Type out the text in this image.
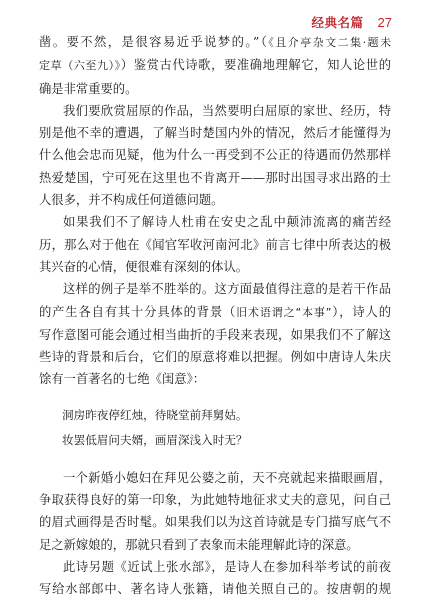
经典名篇 27

凿。要不然，是很容易近乎说梦的。”（《且介亭杂文二集·题未
定草（六至九）》）鉴赏古代诗歌，要准确地理解它，知人论世的
确是非常重要的。

我们要欣赏屈原的作品，当然要明白屈原的家世、经历，特
别是他不幸的遭遇，了解当时楚国内外的情况，然后才能懂得为
什么他会忠而见疑，他为什么一再受到不公正的待遇而仍然那样
热爱楚国，宁可死在这里也不肯离开——那时出国寻求出路的士
人很多，并不构成任何道德问题。

如果我们不了解诗人杜甫在安史之乱中颠沛流离的痛苦经
历，那么对于他在《闻官军收河南河北》前言七律中所表达的极
其兴奋的心情，便很难有深刻的体认。

这样的例子是举不胜举的。这方面最值得注意的是若干作品
的产生各自有其十分具体的背景（旧术语谓之“本事”），诗人的
写作意图可能会通过相当曲折的手段来表现，如果我们不了解这
些诗的背景和后台，它们的原意将难以把握。例如中唐诗人朱庆
馀有一首著名的七绝《闺意》：

洞房昨夜停红烛，待晓堂前拜舅姑。
妆罢低眉问夫婿，画眉深浅入时无？

一个新婚小媳妇在拜见公婆之前，天不亮就起来描眼画眉，
争取获得良好的第一印象，为此她特地征求丈夫的意见，问自己
的眉式画得是否时髦。如果我们以为这首诗就是专门描写底气不
足之新嫁娘的，那就只看到了表象而未能理解此诗的深意。

此诗另题《近试上张水部》，是诗人在参加科举考试的前夜
写给水部郎中、著名诗人张籍，请他关照自己的。按唐朝的规
